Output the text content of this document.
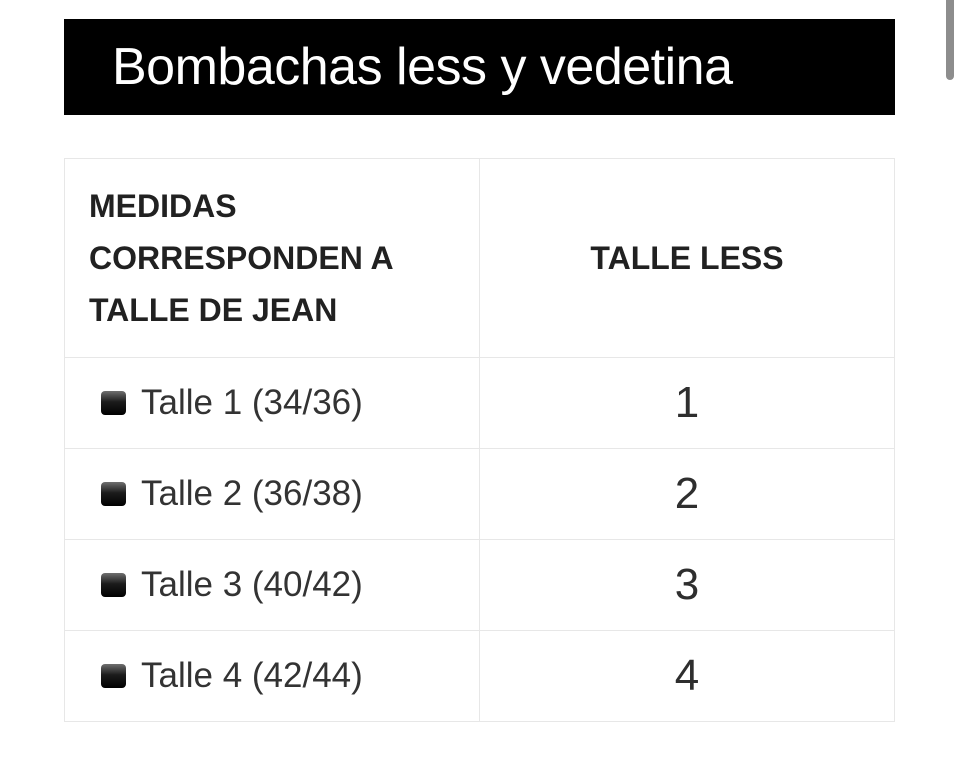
Bombachas less y vedetina
MEDIDAS CORRESPONDEN A TALLE DE JEAN	TALLE LESS
Talle 1 (34/36)	1
Talle 2 (36/38)	2
Talle 3 (40/42)	3
Talle 4 (42/44)	4
